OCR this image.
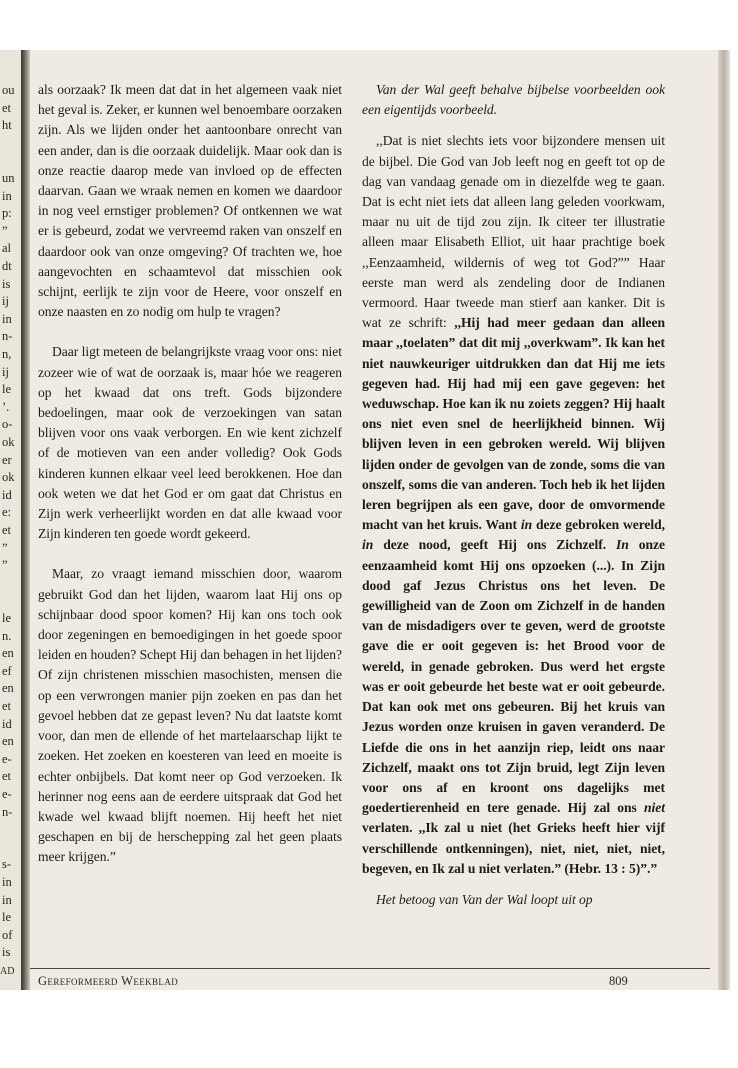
ou
et
ht
un
in
p:
”
al
dt
is
ij
in
n-
n,
ij
le
’.
o-
ok
er
ok
id
e:
et
”
”
le
n.
en
ef
en
et
id
en
e-
et
e-
n-
s-
in
in
le
of
is

als oorzaak? Ik meen dat dat in het algemeen vaak niet het geval is. Zeker, er kunnen wel benoembare oorzaken zijn. Als we lijden onder het aantoonbare onrecht van een ander, dan is die oorzaak duidelijk. Maar ook dan is onze reactie daarop mede van invloed op de effecten daarvan. Gaan we wraak nemen en komen we daardoor in nog veel ernstiger problemen? Of ontkennen we wat er is gebeurd, zodat we vervreemd raken van onszelf en daardoor ook van onze omgeving? Of trachten we, hoe aangevochten en schaamtevol dat misschien ook schijnt, eerlijk te zijn voor de Heere, voor onszelf en onze naasten en zo nodig om hulp te vragen?

Daar ligt meteen de belangrijkste vraag voor ons: niet zozeer wie of wat de oorzaak is, maar hóe we reageren op het kwaad dat ons treft. Gods bijzondere bedoelingen, maar ook de verzoekingen van satan blijven voor ons vaak verborgen. En wie kent zichzelf of de motieven van een ander volledig? Ook Gods kinderen kunnen elkaar veel leed berokkenen. Hoe dan ook weten we dat het God er om gaat dat Christus en Zijn werk verheerlijkt worden en dat alle kwaad voor Zijn kinderen ten goede wordt gekeerd.

Maar, zo vraagt iemand misschien door, waarom gebruikt God dan het lijden, waarom laat Hij ons op schijnbaar dood spoor komen? Hij kan ons toch ook door zegeningen en bemoedigingen in het goede spoor leiden en houden? Schept Hij dan behagen in het lijden? Of zijn christenen misschien masochisten, mensen die op een verwrongen manier pijn zoeken en pas dan het gevoel hebben dat ze gepast leven? Nu dat laatste komt voor, dan men de ellende of het martelaarschap lijkt te zoeken. Het zoeken en koesteren van leed en moeite is echter onbijbels. Dat komt neer op God verzoeken. Ik herinner nog eens aan de eerdere uitspraak dat God het kwade wel kwaad blijft noemen. Hij heeft het niet geschapen en bij de herschepping zal het geen plaats meer krijgen.”

Van der Wal geeft behalve bijbelse voorbeelden ook een eigentijds voorbeeld.

,,Dat is niet slechts iets voor bijzondere mensen uit de bijbel. Die God van Job leeft nog en geeft tot op de dag van vandaag genade om in diezelfde weg te gaan. Dat is echt niet iets dat alleen lang geleden voorkwam, maar nu uit de tijd zou zijn. Ik citeer ter illustratie alleen maar Elisabeth Elliot, uit haar prachtige boek ,,Eenzaamheid, wildernis of weg tot God?”” Haar eerste man werd als zendeling door de Indianen vermoord. Haar tweede man stierf aan kanker. Dit is wat ze schrift: ,,Hij had meer gedaan dan alleen maar ,,toelaten” dat dit mij ,,overkwam”. Ik kan het niet nauwkeuriger uitdrukken dan dat Hij me iets gegeven had. Hij had mij een gave gegeven: het weduwschap. Hoe kan ik nu zoiets zeggen? Hij haalt ons niet even snel de heerlijkheid binnen. Wij blijven leven in een gebroken wereld. Wij blijven lijden onder de gevolgen van de zonde, soms die van onszelf, soms die van anderen. Toch heb ik het lijden leren begrijpen als een gave, door de omvormende macht van het kruis. Want in deze gebroken wereld, in deze nood, geeft Hij ons Zichzelf. In onze eenzaamheid komt Hij ons opzoeken (...). In Zijn dood gaf Jezus Christus ons het leven. De gewilligheid van de Zoon om Zichzelf in de handen van de misdadigers over te geven, werd de grootste gave die er ooit gegeven is: het Brood voor de wereld, in genade gebroken. Dus werd het ergste was er ooit gebeurde het beste wat er ooit gebeurde. Dat kan ook met ons gebeuren. Bij het kruis van Jezus worden onze kruisen in gaven veranderd. De Liefde die ons in het aanzijn riep, leidt ons naar Zichzelf, maakt ons tot Zijn bruid, legt Zijn leven voor ons af en kroont ons dagelijks met goedertierenheid en tere genade. Hij zal ons niet verlaten. ,,Ik zal u niet (het Grieks heeft hier vijf verschillende ontkenningen), niet, niet, niet, niet, begeven, en Ik zal u niet verlaten.” (Hebr. 13 : 5)”.”

Het betoog van Van der Wal loopt uit op

AD
Gereformeerd Weekblad	809
